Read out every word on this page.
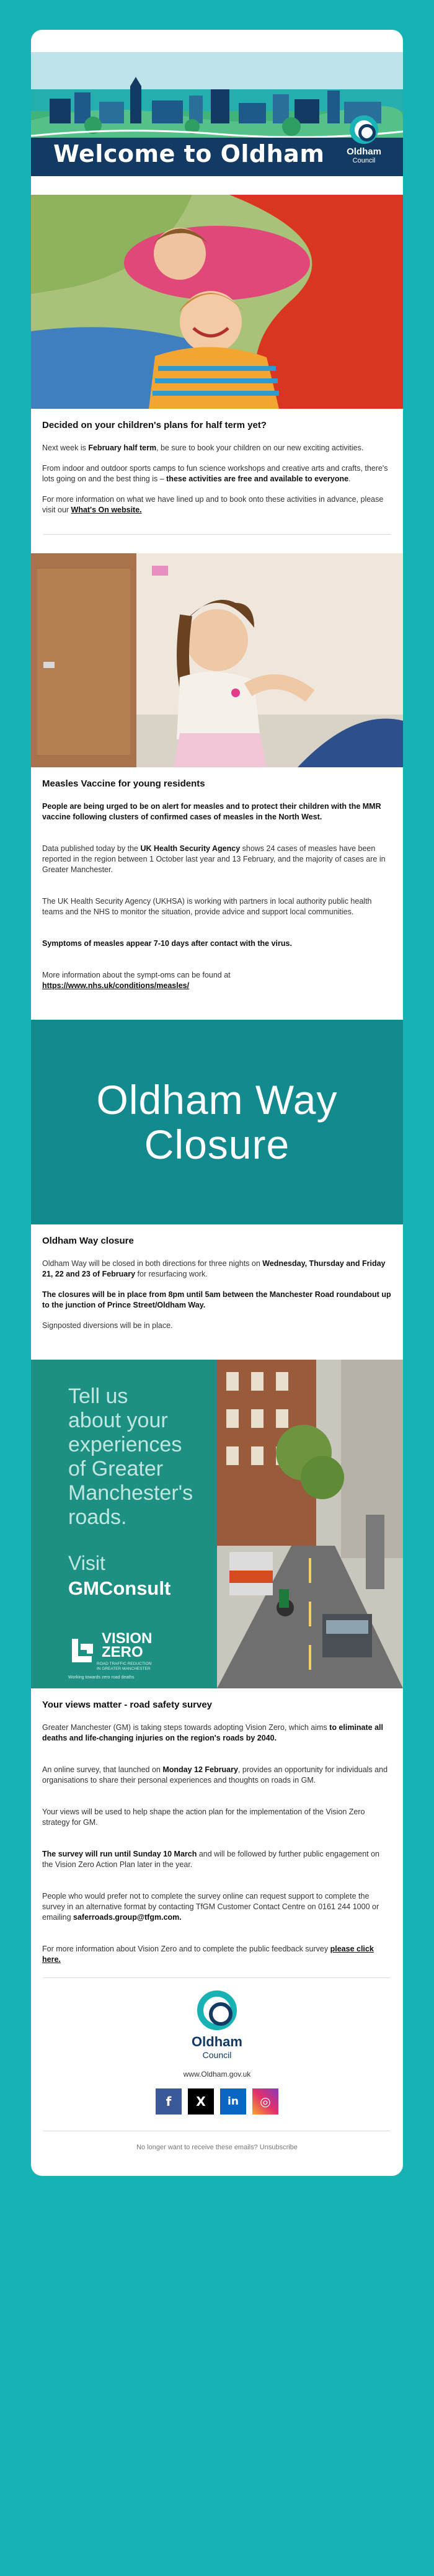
Welcome to Oldham	Oldham
Council
Decided on your children's plans for half term yet?

Next week is February half term, be sure to book your children on our new exciting activities.

From indoor and outdoor sports camps to fun science workshops and creative arts and crafts, there's lots going on and the best thing is – these activities are free and available to everyone.

For more information on what we have lined up and to book onto these activities in advance, please visit our What's On website.

Measles Vaccine for young residents

People are being urged to be on alert for measles and to protect their children with the MMR vaccine following clusters of confirmed cases of measles in the North West.

Data published today by the UK Health Security Agency shows 24 cases of measles have been reported in the region between 1 October last year and 13 February, and the majority of cases are in Greater Manchester.

The UK Health Security Agency (UKHSA) is working with partners in local authority public health teams and the NHS to monitor the situation, provide advice and support local communities.

Symptoms of measles appear 7-10 days after contact with the virus.

More information about the sympt-oms can be found at
https://www.nhs.uk/conditions/measles/

Oldham Way
Closure
Oldham Way closure

Oldham Way will be closed in both directions for three nights on Wednesday, Thursday and Friday 21, 22 and 23 of February for resurfacing work.

The closures will be in place from 8pm until 5am between the Manchester Road roundabout up to the junction of Prince Street/Oldham Way.

Signposted diversions will be in place.

Tell us
about your
experiences
of Greater
Manchester's
roads.
Visit
GMConsult
VISION
ZERO
ROAD TRAFFIC REDUCTION
IN GREATER MANCHESTER
Working towards zero road deaths
Your views matter - road safety survey

Greater Manchester (GM) is taking steps towards adopting Vision Zero, which aims to eliminate all deaths and life-changing injuries on the region's roads by 2040.

An online survey, that launched on Monday 12 February, provides an opportunity for individuals and organisations to share their personal experiences and thoughts on roads in GM.

Your views will be used to help shape the action plan for the implementation of the Vision Zero strategy for GM.

The survey will run until Sunday 10 March and will be followed by further public engagement on the Vision Zero Action Plan later in the year.

People who would prefer not to complete the survey online can request support to complete the survey in an alternative format by contacting TfGM Customer Contact Centre on 0161 244 1000 or emailing saferroads.group@tfgm.com.

For more information about Vision Zero and to complete the public feedback survey please click here.

Oldham
Council
www.Oldham.gov.uk
f	X	in	◎
No longer want to receive these emails? Unsubscribe
